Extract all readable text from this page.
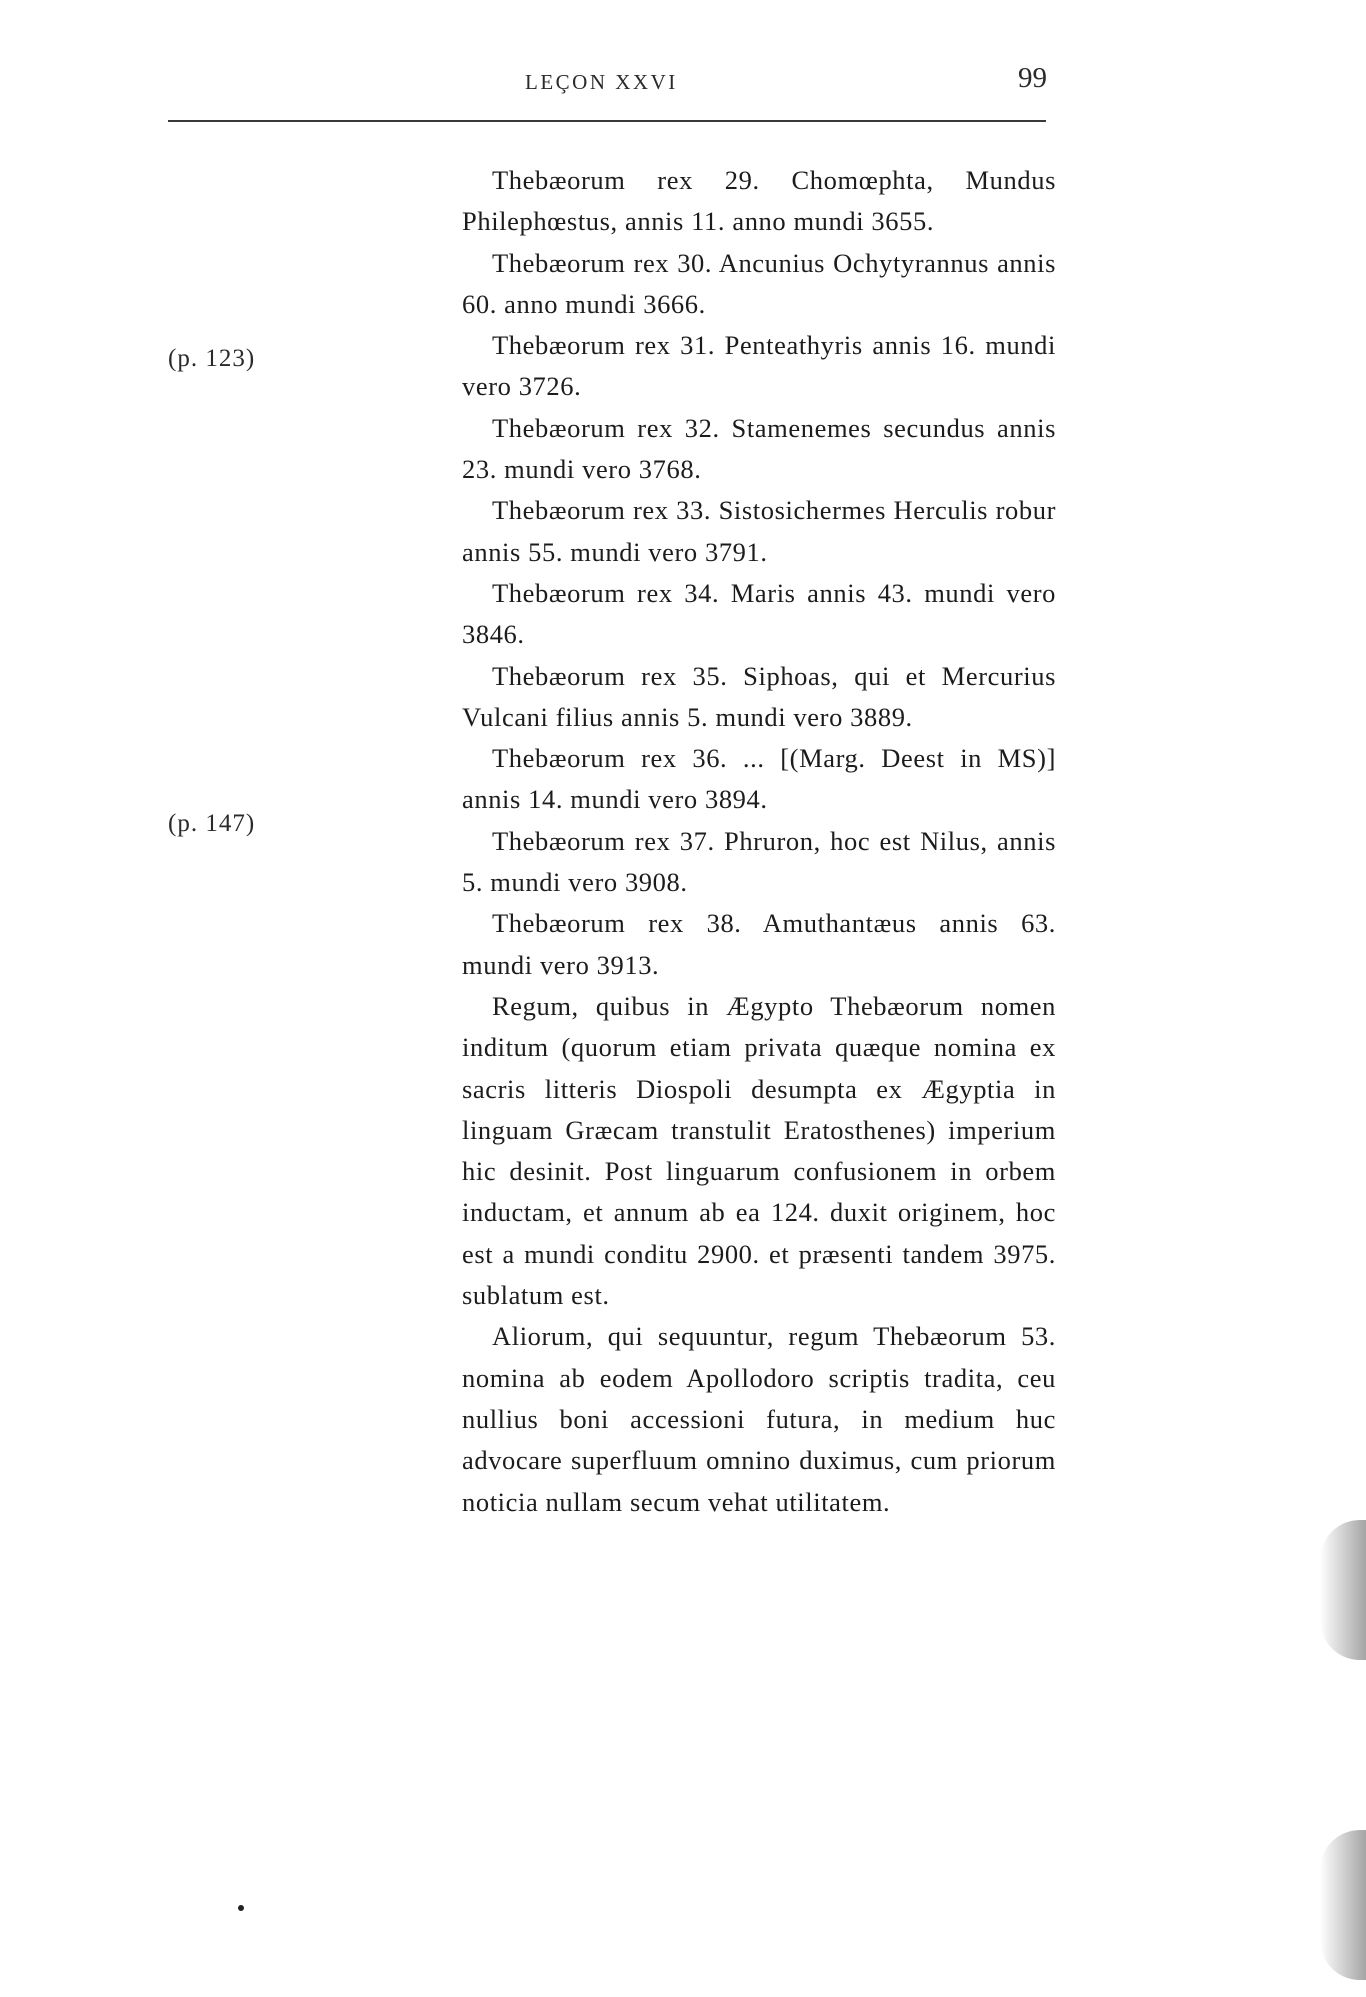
LEÇON XXVI	99
(p. 123)
(p. 147)

Thebæorum rex 29. Chomœphta, Mundus Philephœstus, annis 11. anno mundi 3655.

Thebæorum rex 30. Ancunius Ochytyrannus annis 60. anno mundi 3666.

Thebæorum rex 31. Penteathyris annis 16. mundi vero 3726.

Thebæorum rex 32. Stamenemes secundus annis 23. mundi vero 3768.

Thebæorum rex 33. Sistosichermes Herculis robur annis 55. mundi vero 3791.

Thebæorum rex 34. Maris annis 43. mundi vero 3846.

Thebæorum rex 35. Siphoas, qui et Mercurius Vulcani filius annis 5. mundi vero 3889.

Thebæorum rex 36. ... [(Marg. Deest in MS)] annis 14. mundi vero 3894.

Thebæorum rex 37. Phruron, hoc est Nilus, annis 5. mundi vero 3908.

Thebæorum rex 38. Amuthantæus annis 63. mundi vero 3913.

Regum, quibus in Ægypto Thebæorum nomen inditum (quorum etiam privata quæque nomina ex sacris litteris Diospoli desumpta ex Ægyptia in linguam Græcam transtulit Eratosthenes) imperium hic desinit. Post linguarum confusionem in orbem inductam, et annum ab ea 124. duxit originem, hoc est a mundi conditu 2900. et præsenti tandem 3975. sublatum est.

Aliorum, qui sequuntur, regum Thebæorum 53. nomina ab eodem Apollodoro scriptis tradita, ceu nullius boni accessioni futura, in medium huc advocare superfluum omnino duximus, cum priorum noticia nullam secum vehat utilitatem.
